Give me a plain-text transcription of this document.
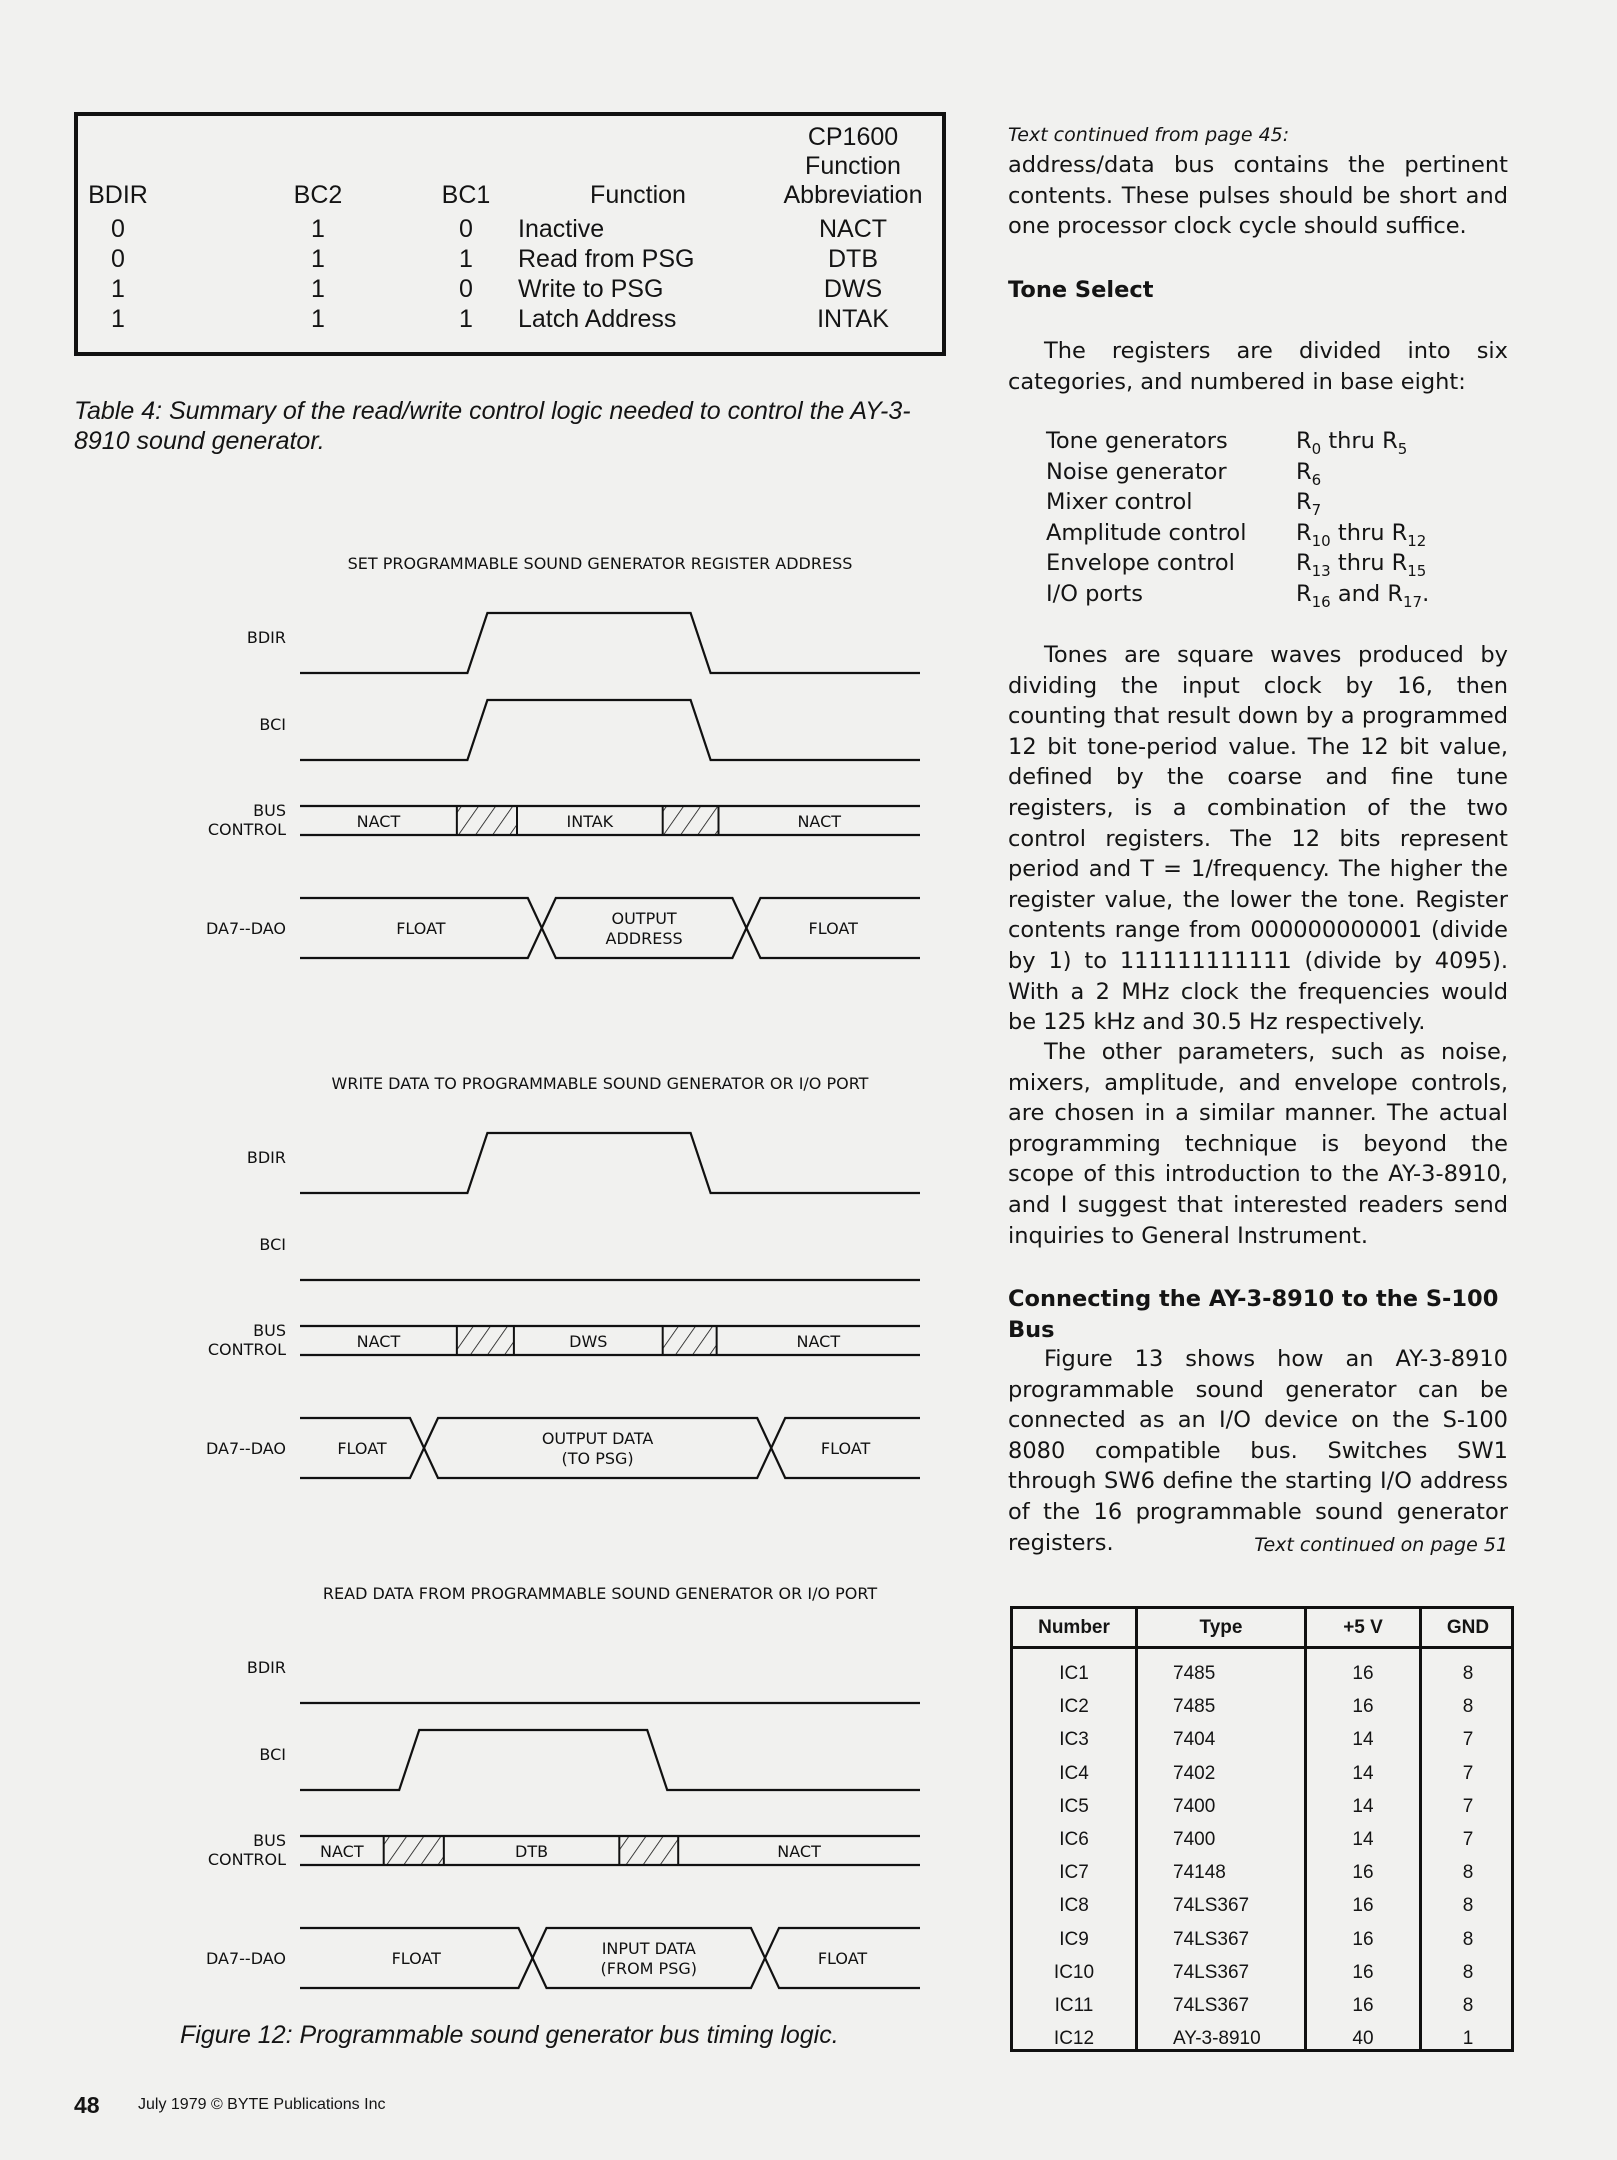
CP1600
Function
BDIR	BC2	BC1	Function	Abbreviation
0	1	0	Inactive	NACT
0	1	1	Read from PSG	DTB
1	1	0	Write to PSG	DWS
1	1	1	Latch Address	INTAK
Table 4: Summary of the read/write control logic needed to control the AY-3-8910 sound generator.
SET PROGRAMMABLE SOUND GENERATOR REGISTER ADDRESS
BDIR
BCI
BUS
CONTROL	NACT	INTAK	NACT
DA7--DAO	FLOAT
OUTPUT
ADDRESS
FLOAT
WRITE DATA TO PROGRAMMABLE SOUND GENERATOR OR I/O PORT
BDIR
BCI
BUS
CONTROL	NACT	DWS	NACT
DA7--DAO	FLOAT
OUTPUT DATA
(TO PSG)
FLOAT
READ DATA FROM PROGRAMMABLE SOUND GENERATOR OR I/O PORT
BDIR
BCI
BUS
CONTROL NACT	DTB	NACT
DA7--DAO	FLOAT
INPUT DATA
(FROM PSG)
FLOAT
Figure 12: Programmable sound generator bus timing logic.
Text continued from page 45:
address/data bus contains the pertinent contents. These pulses should be short and one processor clock cycle should suffice.
Tone Select
The registers are divided into six categories, and numbered in base eight:
Tone generators	$R_0$ thru $R_5$
Noise generator	$R_6$
Mixer control	$R_7$
Amplitude control	$R_{10}$ thru $R_{12}$
Envelope control	$R_{13}$ thru $R_{15}$
I/O ports	$R_{16}$ and $R_{17}$.
Tones are square waves produced by dividing the input clock by 16, then counting that result down by a programmed 12 bit tone-period value. The 12 bit value, defined by the coarse and fine tune registers, is a combination of the two control registers. The 12 bits represent period and T = 1/frequency. The higher the register value, the lower the tone. Register contents range from 000000000001 (divide by 1) to 111111111111 (divide by 4095). With a 2 MHz clock the frequencies would be 125 kHz and 30.5 Hz respectively.
The other parameters, such as noise, mixers, amplitude, and envelope controls, are chosen in a similar manner. The actual programming technique is beyond the scope of this introduction to the AY-3-8910, and I suggest that interested readers send inquiries to General Instrument.
Connecting the AY-3-8910 to the S-100 Bus
Figure 13 shows how an AY-3-8910 programmable sound generator can be connected as an I/O device on the S-100 8080 compatible bus. Switches SW1 through SW6 define the starting I/O address of the 16 programmable sound generator registers.	Text continued on page 51
Number	Type	+5 V	GND
IC1	7485	16	8
IC2	7485	16	8
IC3	7404	14	7
IC4	7402	14	7
IC5	7400	14	7
IC6	7400	14	7
IC7	74148	16	8
IC8	74LS367	16	8
IC9	74LS367	16	8
IC10	74LS367	16	8
IC11	74LS367	16	8
IC12	AY-3-8910	40	1
48 July 1979 © BYTE Publications Inc
